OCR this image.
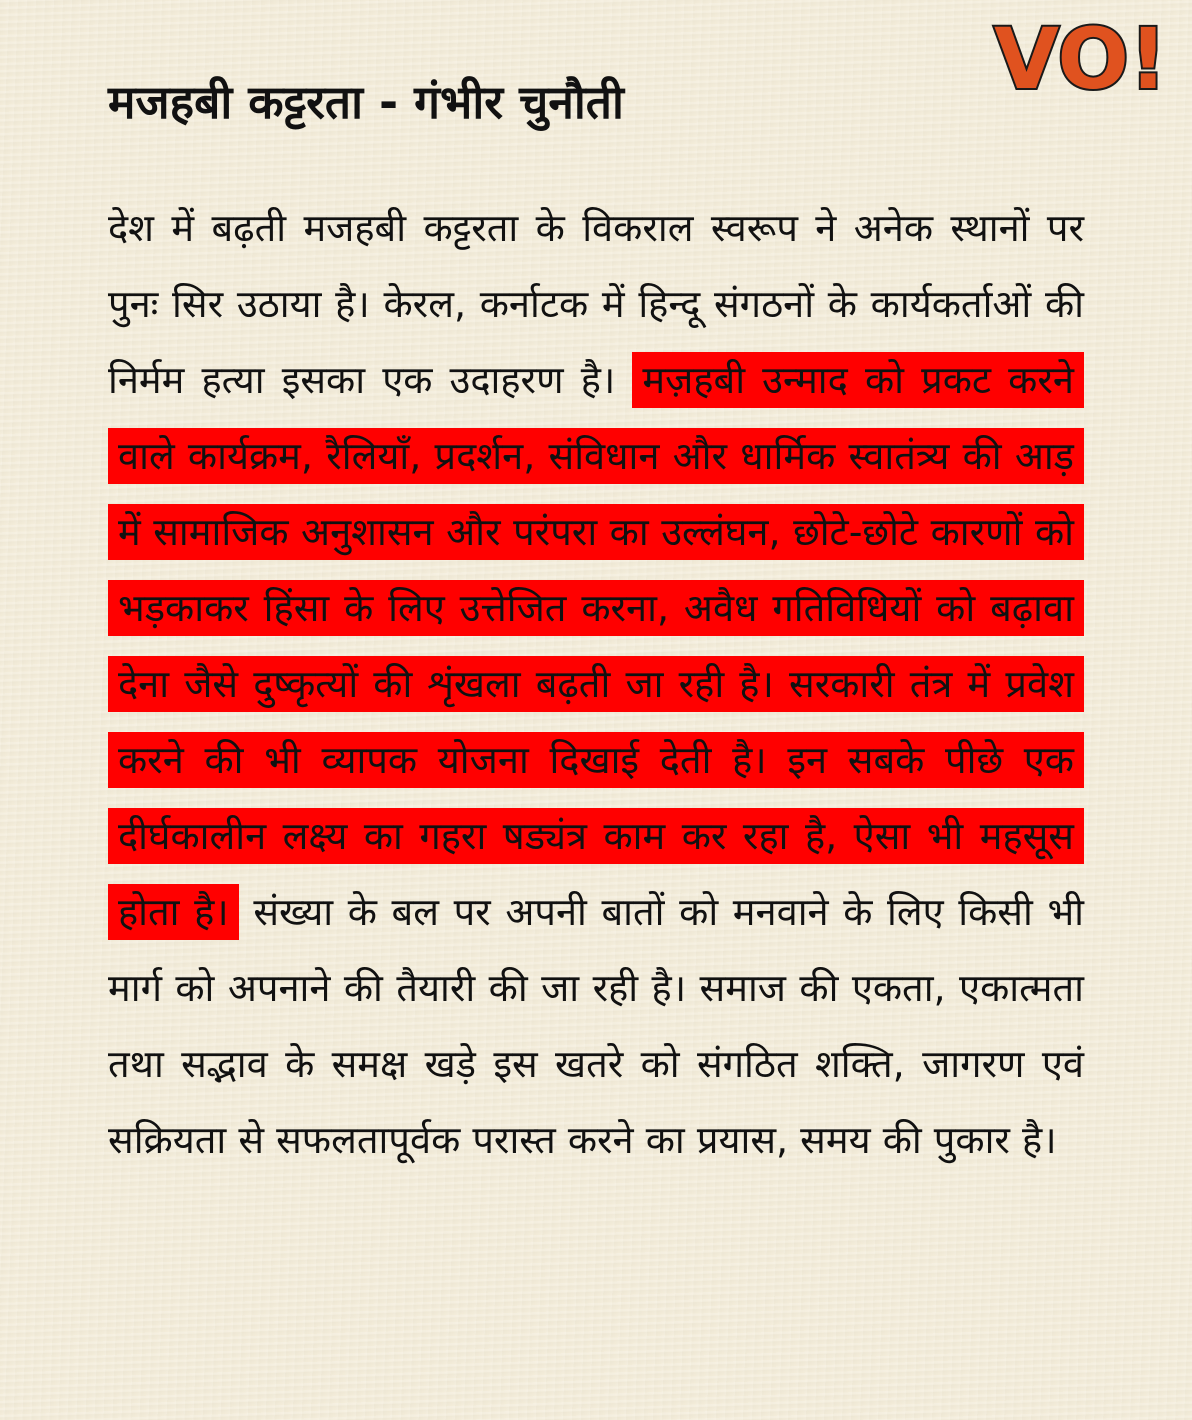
VO!
मजहबी कट्टरता - गंभीर चुनौती

देश में बढ़ती मजहबी कट्टरता के विकराल स्वरूप ने अनेक स्थानों पर पुनः सिर उठाया है। केरल, कर्नाटक में हिन्दू संगठनों के कार्यकर्ताओं की निर्मम हत्या इसका एक उदाहरण है। मज़हबी उन्माद को प्रकट करने वाले कार्यक्रम, रैलियाँ, प्रदर्शन, संविधान और धार्मिक स्वातंत्र्य की आड़ में सामाजिक अनुशासन और परंपरा का उल्लंघन, छोटे-छोटे कारणों को भड़काकर हिंसा के लिए उत्तेजित करना, अवैध गतिविधियों को बढ़ावा देना जैसे दुष्कृत्यों की शृंखला बढ़ती जा रही है। सरकारी तंत्र में प्रवेश करने की भी व्यापक योजना दिखाई देती है। इन सबके पीछे एक दीर्घकालीन लक्ष्य का गहरा षड्यंत्र काम कर रहा है, ऐसा भी महसूस होता है। संख्या के बल पर अपनी बातों को मनवाने के लिए किसी भी मार्ग को अपनाने की तैयारी की जा रही है। समाज की एकता, एकात्मता तथा सद्भाव के समक्ष खड़े इस खतरे को संगठित शक्ति, जागरण एवं सक्रियता से सफलतापूर्वक परास्त करने का प्रयास, समय की पुकार है।
